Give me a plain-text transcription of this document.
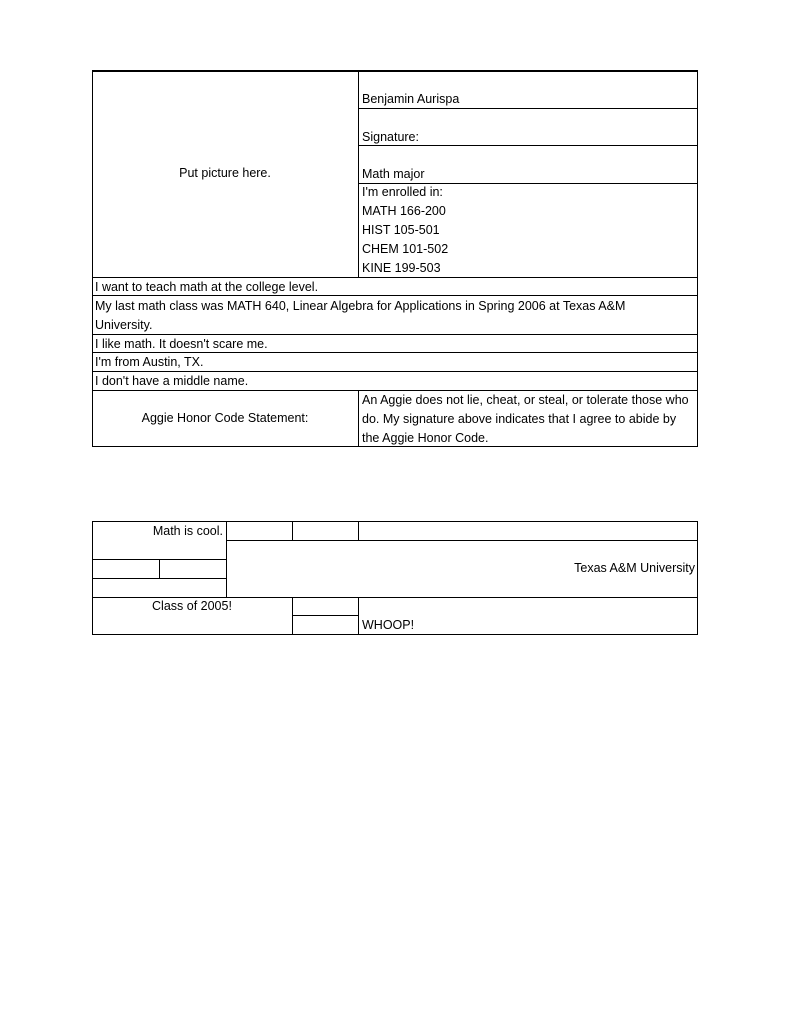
Put picture here.
Benjamin Aurispa
Signature:
Math major
I'm enrolled in:
MATH 166-200
HIST 105-501
CHEM 101-502
KINE 199-503
I want to teach math at the college level.
My last math class was MATH 640, Linear Algebra for Applications in Spring 2006 at Texas A&M University.
I like math. It doesn't scare me.
I'm from Austin, TX.
I don't have a middle name.
Aggie Honor Code Statement:
An Aggie does not lie, cheat, or steal, or tolerate those who do. My signature above indicates that I agree to abide by the Aggie Honor Code.
Math is cool.
Texas A&M University
Class of 2005!
WHOOP!
